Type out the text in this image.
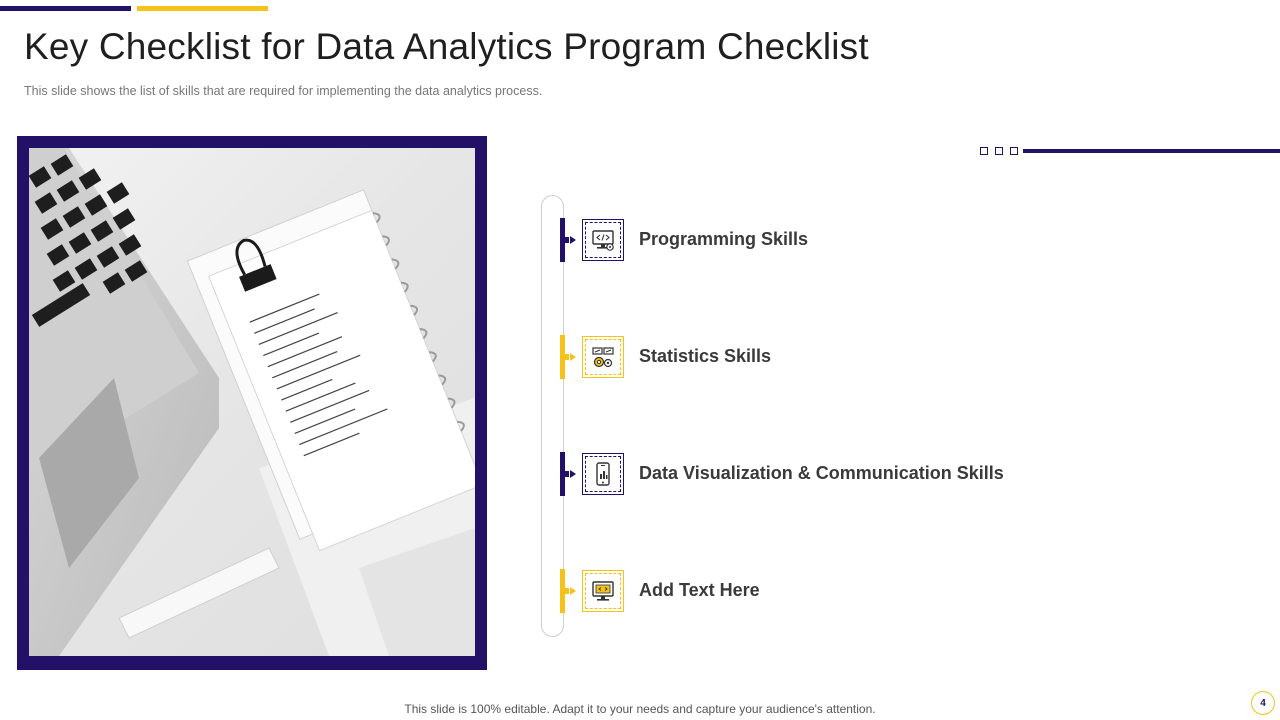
Key Checklist for Data Analytics Program Checklist

This slide shows the list of skills that are required for implementing the data analytics process.

Programming Skills
Statistics Skills
Data Visualization & Communication Skills
Add Text Here

This slide is 100% editable. Adapt it to your needs and capture your audience's attention.	4
